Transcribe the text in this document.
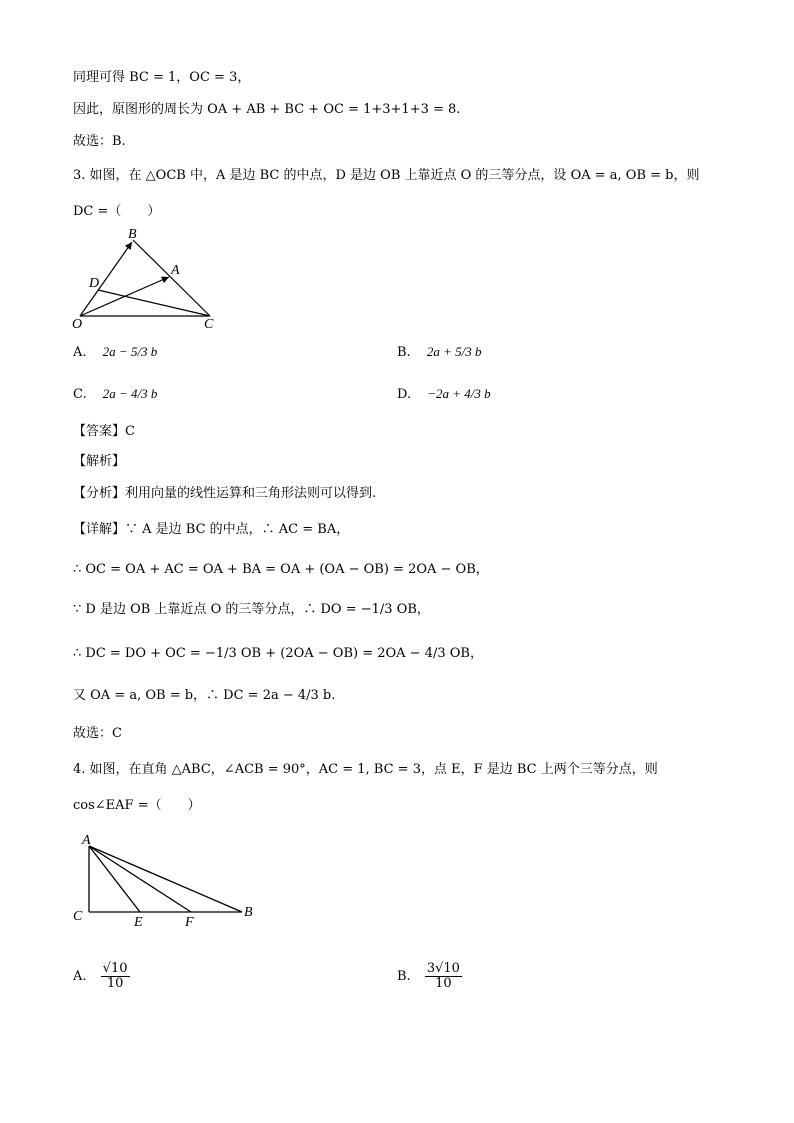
同理可得 BC = 1，OC = 3，
因此，原图形的周长为 OA + AB + BC + OC = 1+3+1+3 = 8.
故选：B.
3. 如图，在 △OCB 中，A 是边 BC 的中点，D 是边 OB 上靠近点 O 的三等分点，设 OA = a, OB = b，则
DC =（　　）
B
A
D
O	C
A. 2a − 5/3 b	B. 2a + 5/3 b
C. 2a − 4/3 b	D. −2a + 4/3 b
【答案】C
【解析】
【分析】利用向量的线性运算和三角形法则可以得到.
【详解】∵ A 是边 BC 的中点，∴ AC = BA，
∴ OC = OA + AC = OA + BA = OA + (OA − OB) = 2OA − OB，
∵ D 是边 OB 上靠近点 O 的三等分点，∴ DO = −1/3 OB，
∴ DC = DO + OC = −1/3 OB + (2OA − OB) = 2OA − 4/3 OB，
又 OA = a, OB = b，∴ DC = 2a − 4/3 b.
故选：C
4. 如图，在直角 △ABC，∠ACB = 90°，AC = 1, BC = 3，点 E，F 是边 BC 上两个三等分点，则
cos∠EAF =（　　）
A
C	E	F
B
A. $\frac{√10}{10}$	B. $\frac{3√10}{10}$
